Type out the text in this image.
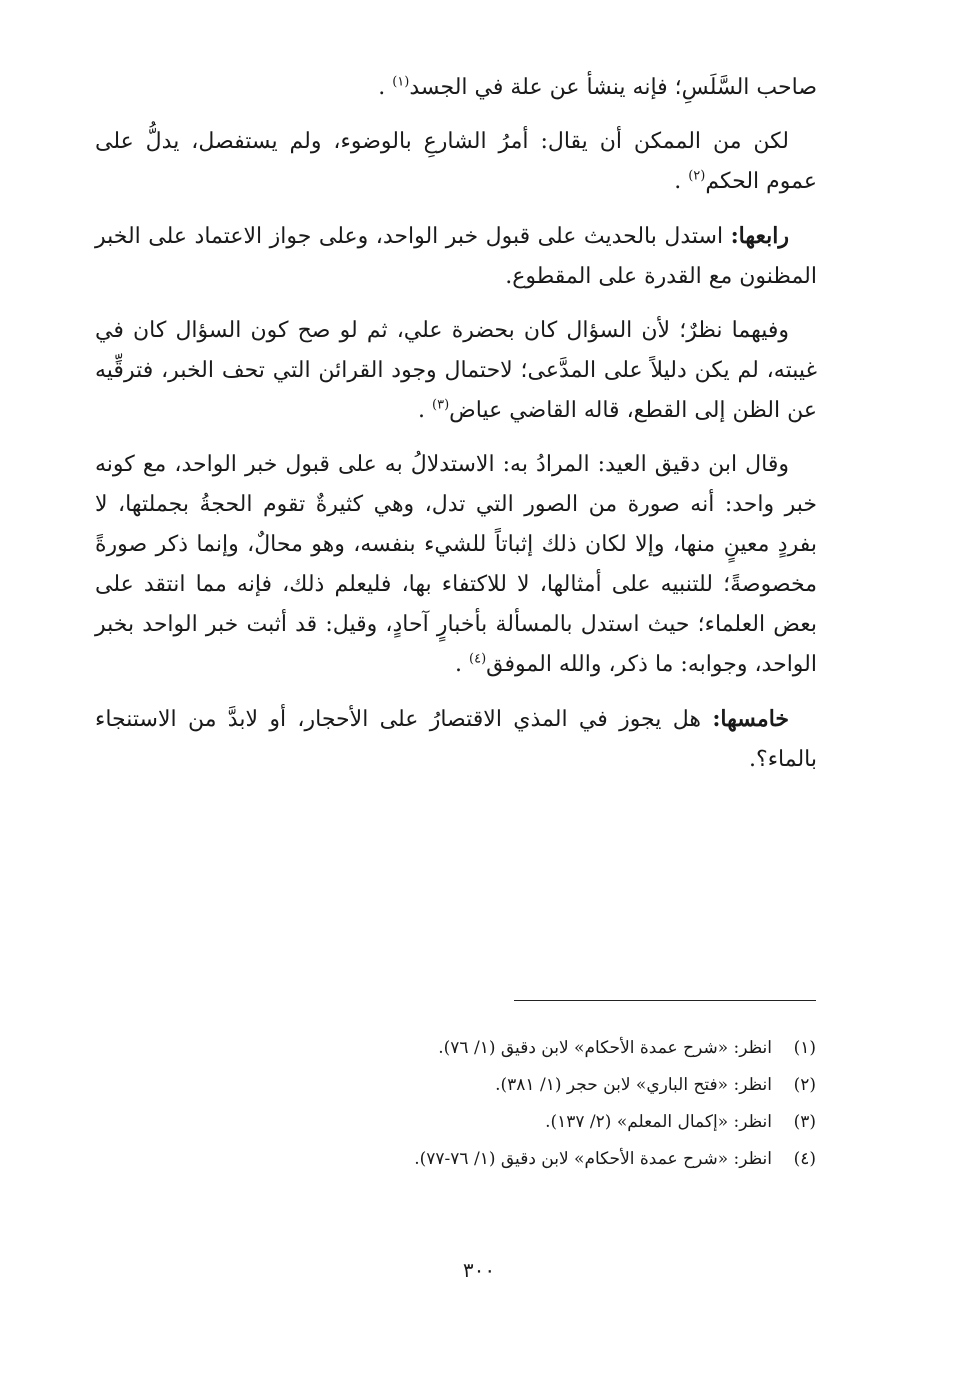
صاحب السَّلَسِ؛ فإنه ينشأ عن علة في الجسد$^{(١)}$ .

لكن من الممكن أن يقال: أمرُ الشارعِ بالوضوء، ولم يستفصل، يدلُّ على عموم الحكم$^{(٢)}$ .

رابعها: استدل بالحديث على قبول خبر الواحد، وعلى جواز الاعتماد على الخبر المظنون مع القدرة على المقطوع.

وفيهما نظرٌ؛ لأن السؤال كان بحضرة علي، ثم لو صح كون السؤال كان في غيبته، لم يكن دليلاً على المدَّعى؛ لاحتمال وجود القرائن التي تحف الخبر، فترقِّيه عن الظن إلى القطع، قاله القاضي عياض$^{(٣)}$ .

وقال ابن دقيق العيد: المرادُ به: الاستدلالُ به على قبول خبر الواحد، مع كونه خبر واحد: أنه صورة من الصور التي تدل، وهي كثيرةٌ تقوم الحجةُ بجملتها، لا بفردٍ معينٍ منها، وإلا لكان ذلك إثباتاً للشيء بنفسه، وهو محالٌ، وإنما ذكر صورةً مخصوصةً؛ للتنبيه على أمثالها، لا للاكتفاء بها، فليعلم ذلك، فإنه مما انتقد على بعض العلماء؛ حيث استدل بالمسألة بأخبارٍ آحادٍ، وقيل: قد أثبت خبر الواحد بخبر الواحد، وجوابه: ما ذكر، والله الموفق$^{(٤)}$ .

خامسها: هل يجوز في المذي الاقتصارُ على الأحجار، أو لابدَّ من الاستنجاء بالماء؟.

(١)انظر: «شرح عمدة الأحكام» لابن دقيق (١/ ٧٦).
(٢)انظر: «فتح الباري» لابن حجر (١/ ٣٨١).
(٣)انظر: «إكمال المعلم» (٢/ ١٣٧).
(٤)انظر: «شرح عمدة الأحكام» لابن دقيق (١/ ٧٦-٧٧).
٣٠٠
